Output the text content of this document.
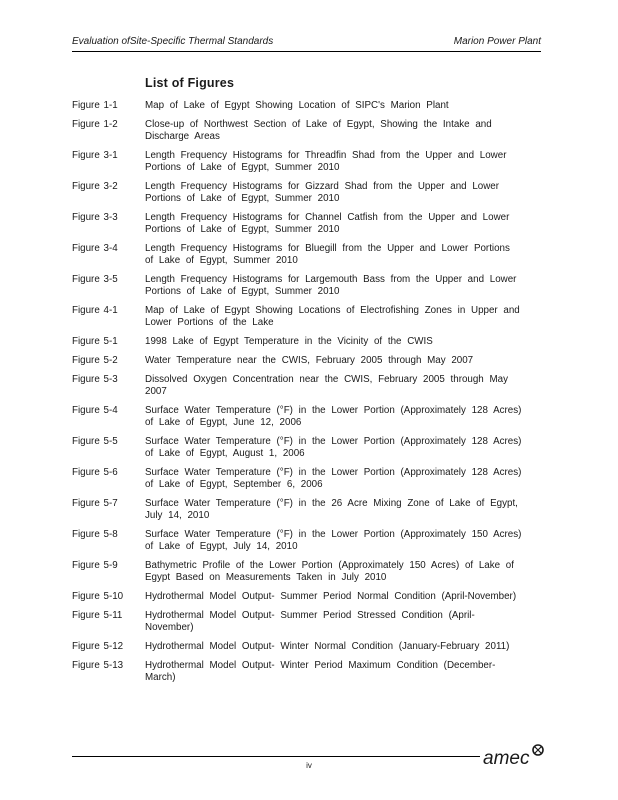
Evaluation ofSite-Specific Thermal Standards	Marion Power Plant
List of Figures
Figure 1-1	Map of Lake of Egypt Showing Location of SIPC's Marion Plant
Figure 1-2	Close-up of Northwest Section of Lake of Egypt, Showing the Intake and Discharge Areas
Figure 3-1	Length Frequency Histograms for Threadfin Shad from the Upper and Lower Portions of Lake of Egypt, Summer 2010
Figure 3-2	Length Frequency Histograms for Gizzard Shad from the Upper and Lower Portions of Lake of Egypt, Summer 2010
Figure 3-3	Length Frequency Histograms for Channel Catfish from the Upper and Lower Portions of Lake of Egypt, Summer 2010
Figure 3-4	Length Frequency Histograms for Bluegill from the Upper and Lower Portions of Lake of Egypt, Summer 2010
Figure 3-5	Length Frequency Histograms for Largemouth Bass from the Upper and Lower Portions of Lake of Egypt, Summer 2010
Figure 4-1	Map of Lake of Egypt Showing Locations of Electrofishing Zones in Upper and Lower Portions of the Lake
Figure 5-1	1998 Lake of Egypt Temperature in the Vicinity of the CWIS
Figure 5-2	Water Temperature near the CWIS, February 2005 through May 2007
Figure 5-3	Dissolved Oxygen Concentration near the CWIS, February 2005 through May 2007
Figure 5-4	Surface Water Temperature (°F) in the Lower Portion (Approximately 128 Acres) of Lake of Egypt, June 12, 2006
Figure 5-5	Surface Water Temperature (°F) in the Lower Portion (Approximately 128 Acres) of Lake of Egypt, August 1, 2006
Figure 5-6	Surface Water Temperature (°F) in the Lower Portion (Approximately 128 Acres) of Lake of Egypt, September 6, 2006
Figure 5-7	Surface Water Temperature (°F) in the 26 Acre Mixing Zone of Lake of Egypt, July 14, 2010
Figure 5-8	Surface Water Temperature (°F) in the Lower Portion (Approximately 150 Acres) of Lake of Egypt, July 14, 2010
Figure 5-9	Bathymetric Profile of the Lower Portion (Approximately 150 Acres) of Lake of Egypt Based on Measurements Taken in July 2010
Figure 5-10 Hydrothermal Model Output- Summer Period Normal Condition (April-November)
Figure 5-11 Hydrothermal Model Output- Summer Period Stressed Condition (April-November)
Figure 5-12 Hydrothermal Model Output- Winter Normal Condition (January-February 2011)
Figure 5-13 Hydrothermal Model Output- Winter Period Maximum Condition (December-March)
iv	amec
